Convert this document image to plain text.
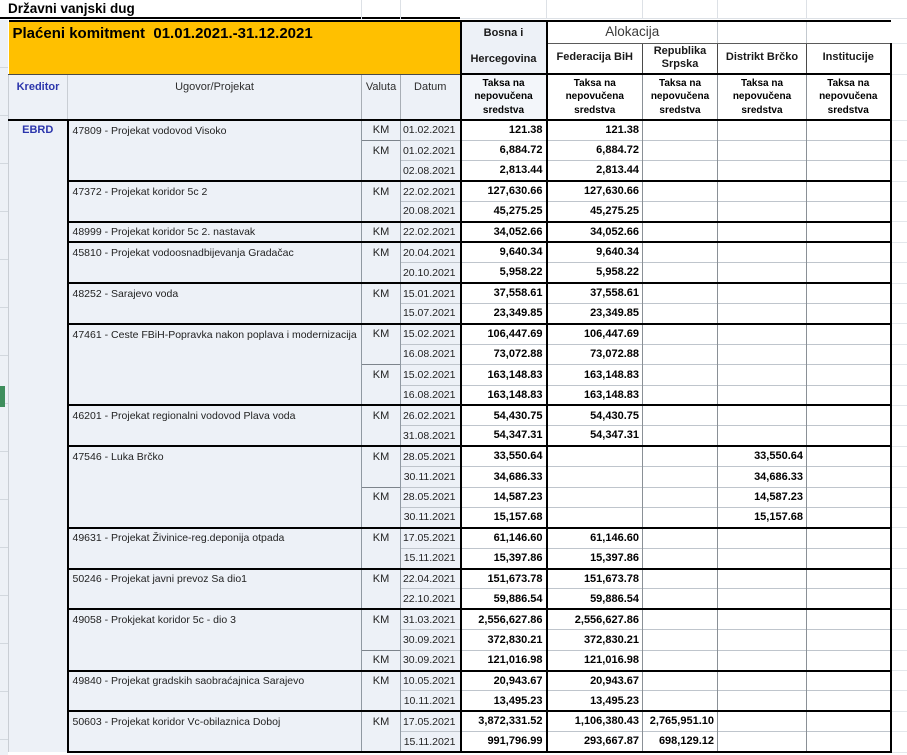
Državni vanjski dug
Plaćeni komitment  01.01.2021.-31.12.2021				Bosna i
Hercegovina	Alokacija				
					Federacija BiH	Republika Srpska	Distrikt Brčko	Institucije	
Kreditor	Ugovor/Projekat	Valuta	Datum	Taksa na nepovučena sredstva	Taksa na nepovučena sredstva	Taksa na nepovučena sredstva	Taksa na nepovučena sredstva	Taksa na nepovučena sredstva	
EBRD	47809 - Projekat vodovod Visoko	KM	01.02.2021	121.38	121.38				
		KM	01.02.2021	6,884.72	6,884.72				
			02.08.2021	2,813.44	2,813.44				
	47372 - Projekat koridor 5c 2	KM	22.02.2021	127,630.66	127,630.66				
			20.08.2021	45,275.25	45,275.25				
	48999 - Projekat koridor 5c 2. nastavak	KM	22.02.2021	34,052.66	34,052.66				
	45810 - Projekat vodoosnadbijevanja Gradačac	KM	20.04.2021	9,640.34	9,640.34				
			20.10.2021	5,958.22	5,958.22				
	48252 - Sarajevo voda	KM	15.01.2021	37,558.61	37,558.61				
			15.07.2021	23,349.85	23,349.85				
	47461 - Ceste FBiH-Popravka nakon poplava i modernizacija	KM	15.02.2021	106,447.69	106,447.69				
			16.08.2021	73,072.88	73,072.88				
		KM	15.02.2021	163,148.83	163,148.83				
			16.08.2021	163,148.83	163,148.83				
	46201 - Projekat regionalni vodovod Plava voda	KM	26.02.2021	54,430.75	54,430.75				
			31.08.2021	54,347.31	54,347.31				
	47546 - Luka Brčko	KM	28.05.2021	33,550.64			33,550.64		
			30.11.2021	34,686.33			34,686.33		
		KM	28.05.2021	14,587.23			14,587.23		
			30.11.2021	15,157.68			15,157.68		
	49631 - Projekat Živinice-reg.deponija otpada	KM	17.05.2021	61,146.60	61,146.60				
			15.11.2021	15,397.86	15,397.86				
	50246 - Projekat javni prevoz Sa dio1	KM	22.04.2021	151,673.78	151,673.78				
			22.10.2021	59,886.54	59,886.54				
	49058 - Prokjekat koridor 5c - dio 3	KM	31.03.2021	2,556,627.86	2,556,627.86				
			30.09.2021	372,830.21	372,830.21				
		KM	30.09.2021	121,016.98	121,016.98				
	49840 - Projekat gradskih saobraćajnica Sarajevo	KM	10.05.2021	20,943.67	20,943.67				
			10.11.2021	13,495.23	13,495.23				
	50603 - Projekat koridor Vc-obilaznica Doboj	KM	17.05.2021	3,872,331.52	1,106,380.43	2,765,951.10			
			15.11.2021	991,796.99	293,667.87	698,129.12			
